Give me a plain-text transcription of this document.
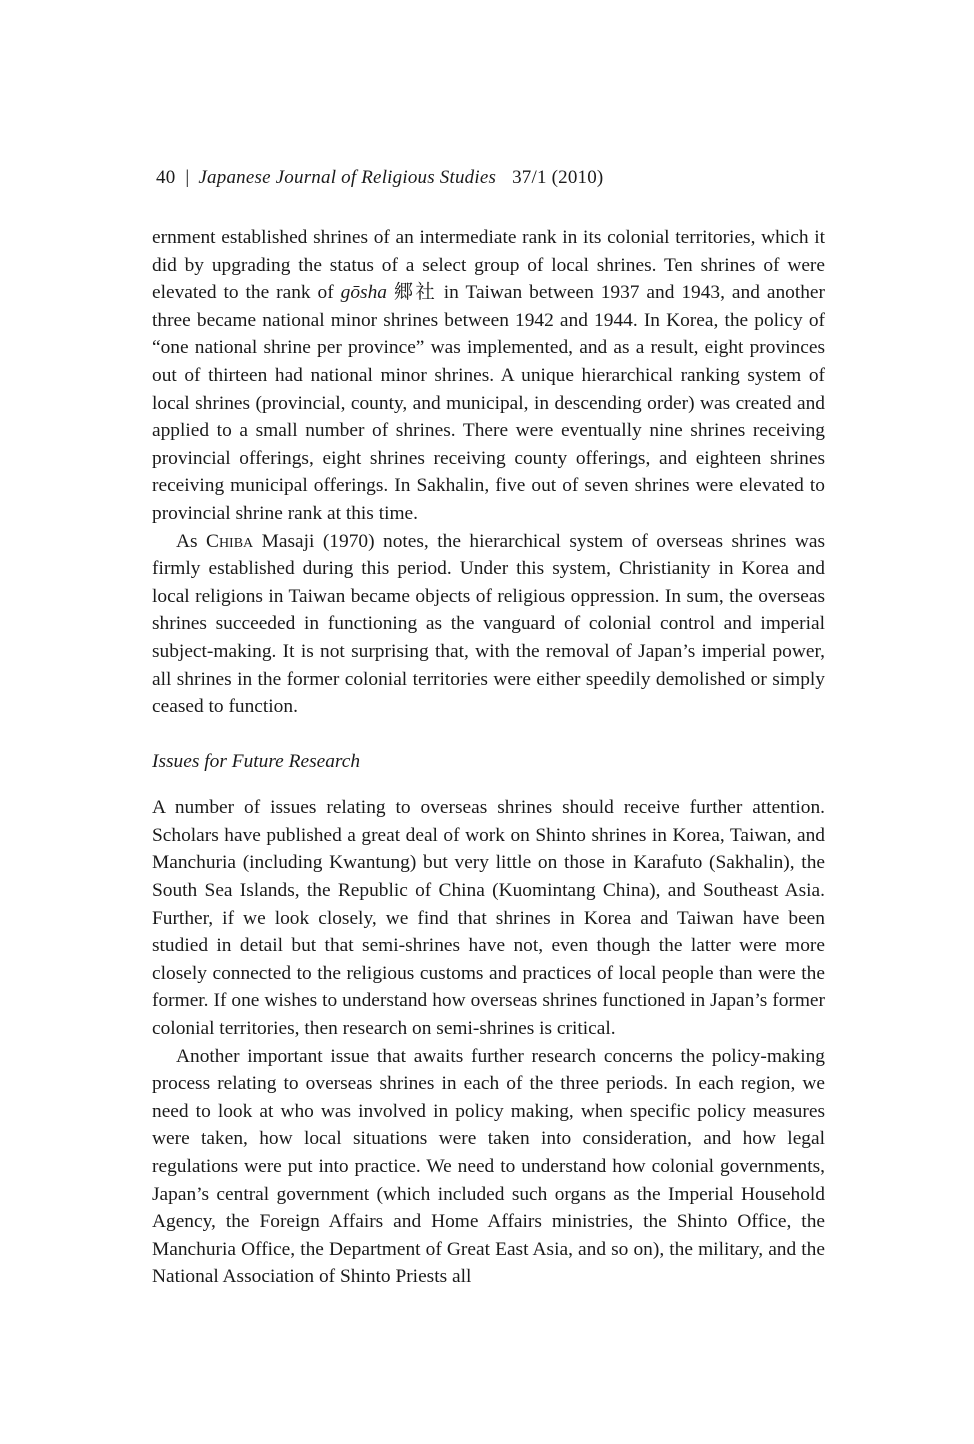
40 | Japanese Journal of Religious Studies 37/1 (2010)

ernment established shrines of an intermediate rank in its colonial territories, which it did by upgrading the status of a select group of local shrines. Ten shrines of were elevated to the rank of gōsha 郷社 in Taiwan between 1937 and 1943, and another three became national minor shrines between 1942 and 1944. In Korea, the policy of “one national shrine per province” was implemented, and as a result, eight provinces out of thirteen had national minor shrines. A unique hierarchical ranking system of local shrines (provincial, county, and municipal, in descending order) was created and applied to a small number of shrines. There were eventually nine shrines receiving provincial offerings, eight shrines receiving county offerings, and eighteen shrines receiving municipal offerings. In Sakhalin, five out of seven shrines were elevated to provincial shrine rank at this time.

As Chiba Masaji (1970) notes, the hierarchical system of overseas shrines was firmly established during this period. Under this system, Christianity in Korea and local religions in Taiwan became objects of religious oppression. In sum, the overseas shrines succeeded in functioning as the vanguard of colonial control and imperial subject-making. It is not surprising that, with the removal of Japan’s imperial power, all shrines in the former colonial territories were either speedily demolished or simply ceased to function.

Issues for Future Research

A number of issues relating to overseas shrines should receive further attention. Scholars have published a great deal of work on Shinto shrines in Korea, Taiwan, and Manchuria (including Kwantung) but very little on those in Karafuto (Sakhalin), the South Sea Islands, the Republic of China (Kuomintang China), and Southeast Asia. Further, if we look closely, we find that shrines in Korea and Taiwan have been studied in detail but that semi-shrines have not, even though the latter were more closely connected to the religious customs and practices of local people than were the former. If one wishes to understand how overseas shrines functioned in Japan’s former colonial territories, then research on semi-shrines is critical.

Another important issue that awaits further research concerns the policy-making process relating to overseas shrines in each of the three periods. In each region, we need to look at who was involved in policy making, when specific policy measures were taken, how local situations were taken into consideration, and how legal regulations were put into practice. We need to understand how colonial governments, Japan’s central government (which included such organs as the Imperial Household Agency, the Foreign Affairs and Home Affairs ministries, the Shinto Office, the Manchuria Office, the Department of Great East Asia, and so on), the military, and the National Association of Shinto Priests all
